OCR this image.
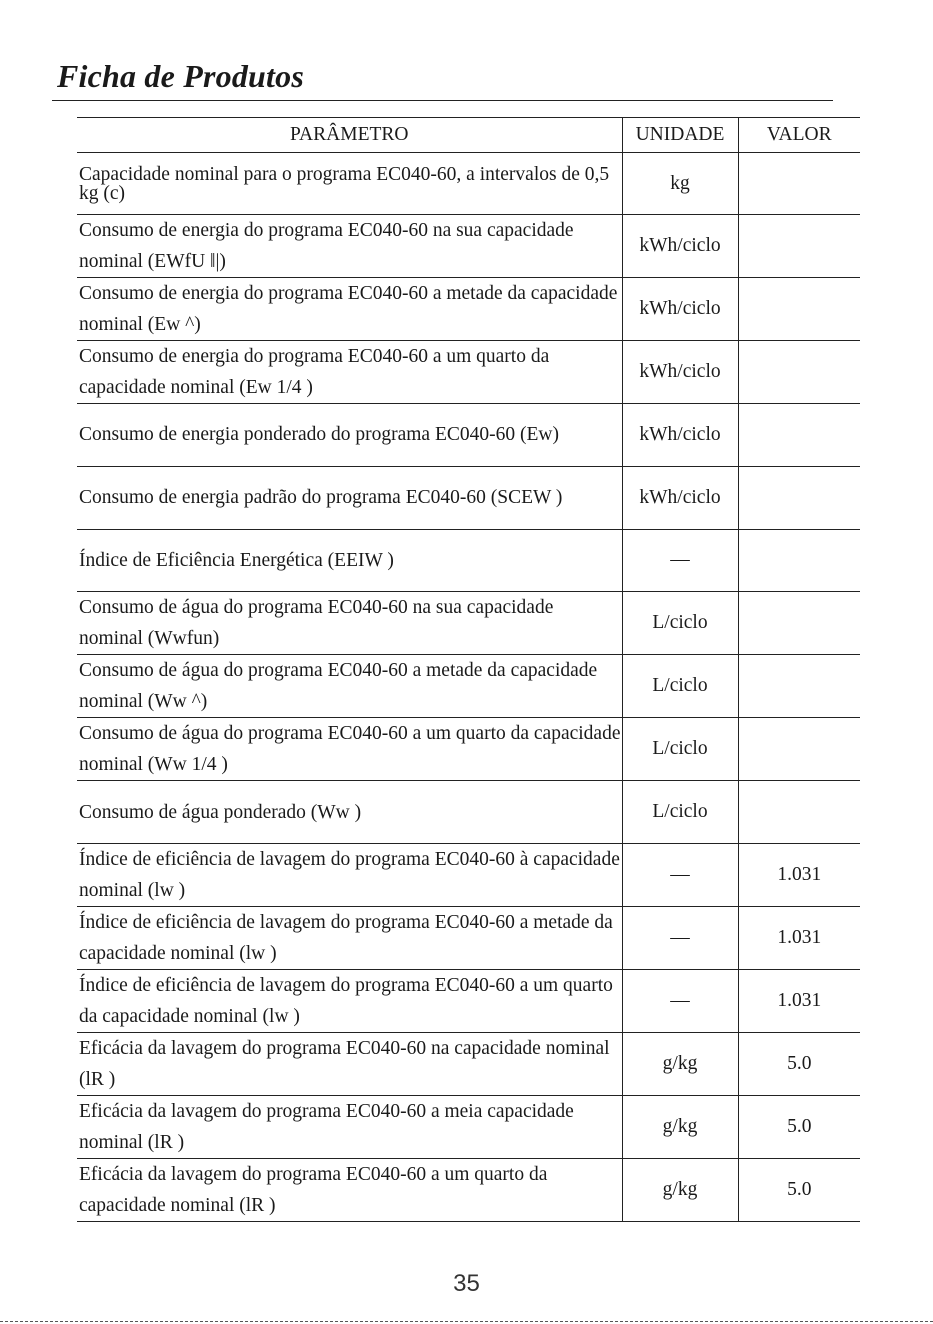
Ficha de Produtos
PARÂMETRO	UNIDADE	VALOR
Capacidade nominal para o programa EC040-60, a intervalos de 0,5 kg (c)	kg	
Consumo de energia do programa EC040-60 na sua capacidade nominal (EWfU ‖|)	kWh/ciclo	
Consumo de energia do programa EC040-60 a metade da capacidade nominal (Ew ^)	kWh/ciclo	
Consumo de energia do programa EC040-60 a um quarto da capacidade nominal (Ew 1/4 )	kWh/ciclo	
Consumo de energia ponderado do programa EC040-60 (Ew)	kWh/ciclo	
Consumo de energia padrão do programa EC040-60 (SCEW )	kWh/ciclo	
Índice de Eficiência Energética (EEIW )	—	
Consumo de água do programa EC040-60 na sua capacidade nominal (Wwfun)	L/ciclo	
Consumo de água do programa EC040-60 a metade da capacidade nominal (Ww ^)	L/ciclo	
Consumo de água do programa EC040-60 a um quarto da capacidade nominal (Ww 1/4 )	L/ciclo	
Consumo de água ponderado (Ww )	L/ciclo	
Índice de eficiência de lavagem do programa EC040-60 à capacidade nominal (lw )	—	1.031
Índice de eficiência de lavagem do programa EC040-60 a metade da capacidade nominal (lw )	—	1.031
Índice de eficiência de lavagem do programa EC040-60 a um quarto da capacidade nominal (lw )	—	1.031
Eficácia da lavagem do programa EC040-60 na capacidade nominal (lR )	g/kg	5.0
Eficácia da lavagem do programa EC040-60 a meia capacidade nominal (lR )	g/kg	5.0
Eficácia da lavagem do programa EC040-60 a um quarto da capacidade nominal (lR )	g/kg	5.0
35
